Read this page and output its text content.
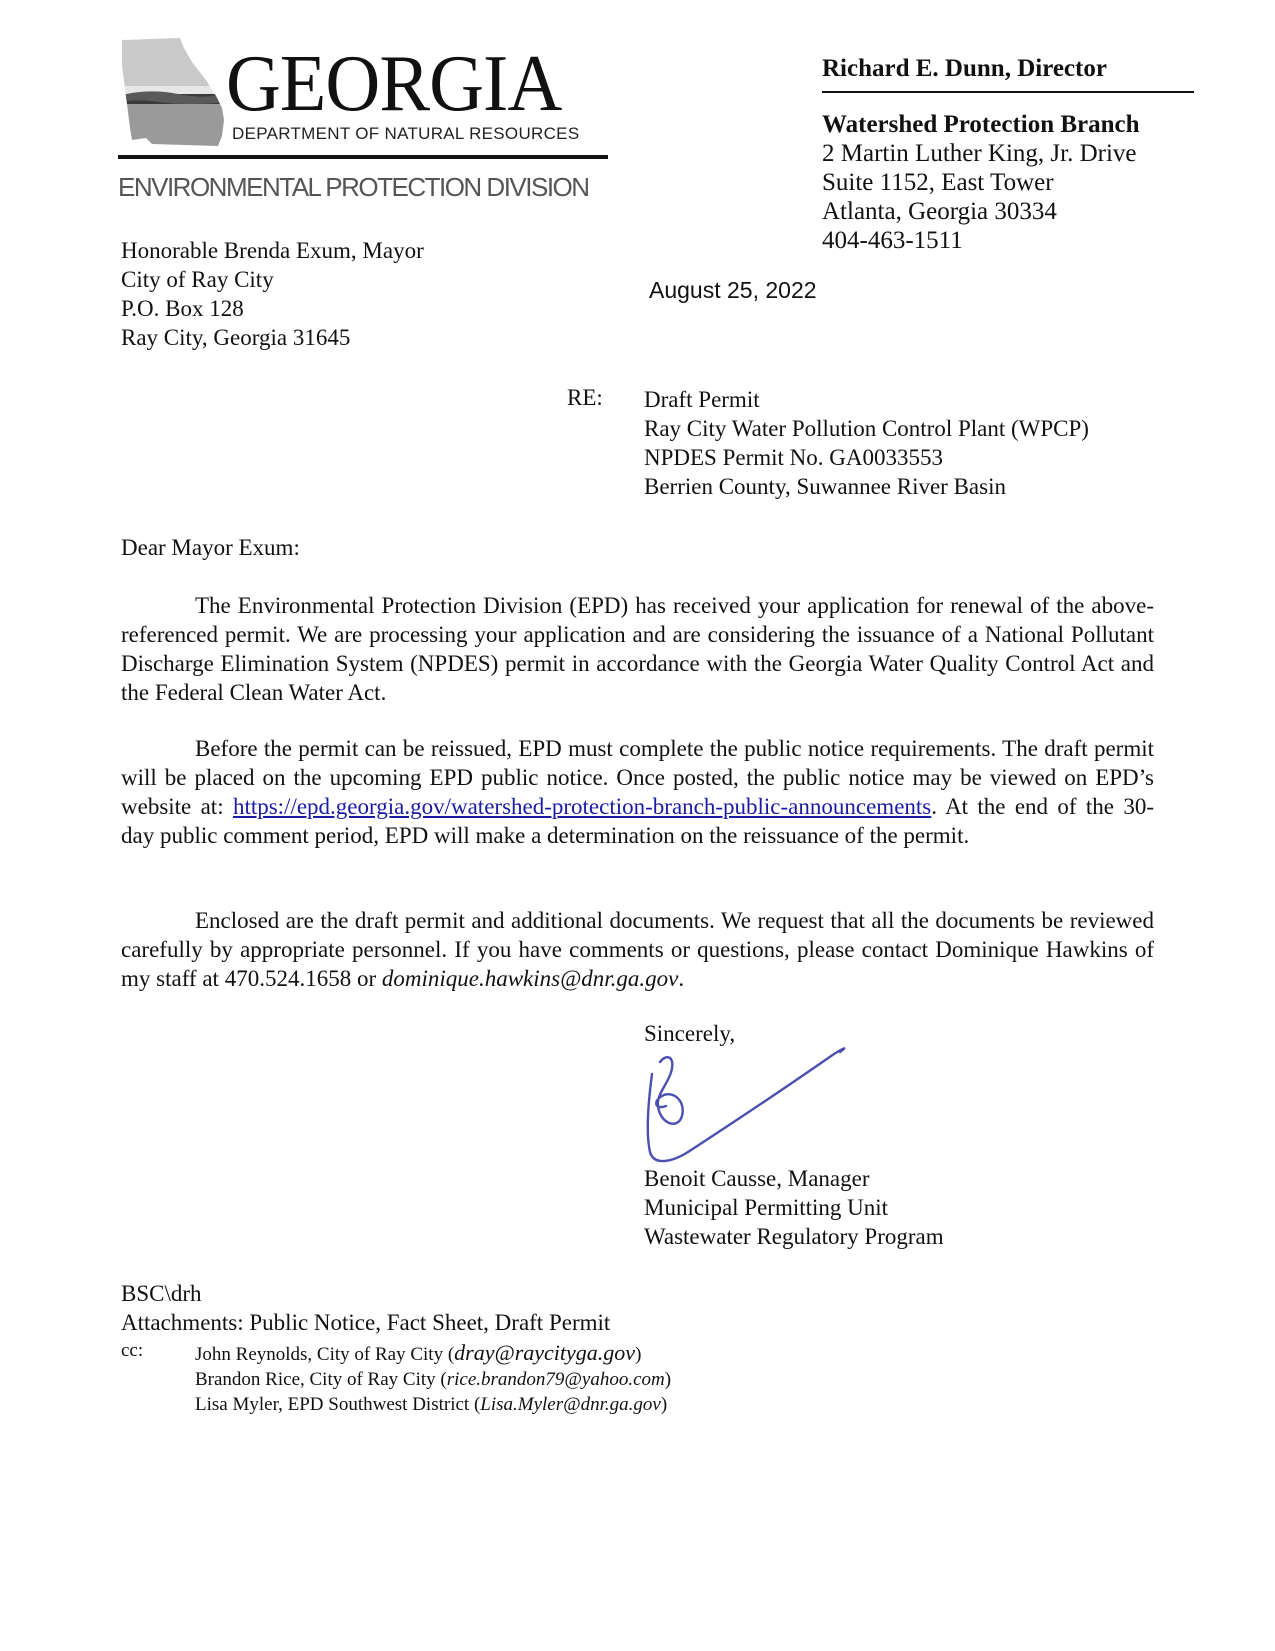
GEORGIA
DEPARTMENT OF NATURAL RESOURCES
ENVIRONMENTAL PROTECTION DIVISION
Richard E. Dunn, Director
Watershed Protection Branch
2 Martin Luther King, Jr. Drive
Suite 1152, East Tower
Atlanta, Georgia 30334
404-463-1511
Honorable Brenda Exum, Mayor
City of Ray City
P.O. Box 128
Ray City, Georgia 31645
August 25, 2022
RE: Draft Permit
Ray City Water Pollution Control Plant (WPCP)
NPDES Permit No. GA0033553
Berrien County, Suwannee River Basin
Dear Mayor Exum:

The Environmental Protection Division (EPD) has received your application for renewal of the above-referenced permit. We are processing your application and are considering the issuance of a National Pollutant Discharge Elimination System (NPDES) permit in accordance with the Georgia Water Quality Control Act and the Federal Clean Water Act.

Before the permit can be reissued, EPD must complete the public notice requirements. The draft permit will be placed on the upcoming EPD public notice. Once posted, the public notice may be viewed on EPD’s website at: https://epd.georgia.gov/watershed-protection-branch-public-announcements. At the end of the 30-day public comment period, EPD will make a determination on the reissuance of the permit.

Enclosed are the draft permit and additional documents. We request that all the documents be reviewed carefully by appropriate personnel. If you have comments or questions, please contact Dominique Hawkins of my staff at 470.524.1658 or dominique.hawkins@dnr.ga.gov.

Sincerely,
Benoit Causse, Manager
Municipal Permitting Unit
Wastewater Regulatory Program
BSC\drh
Attachments: Public Notice, Fact Sheet, Draft Permit
cc:	John Reynolds, City of Ray City (dray@raycityga.gov)
Brandon Rice, City of Ray City (rice.brandon79@yahoo.com)
Lisa Myler, EPD Southwest District (Lisa.Myler@dnr.ga.gov)
